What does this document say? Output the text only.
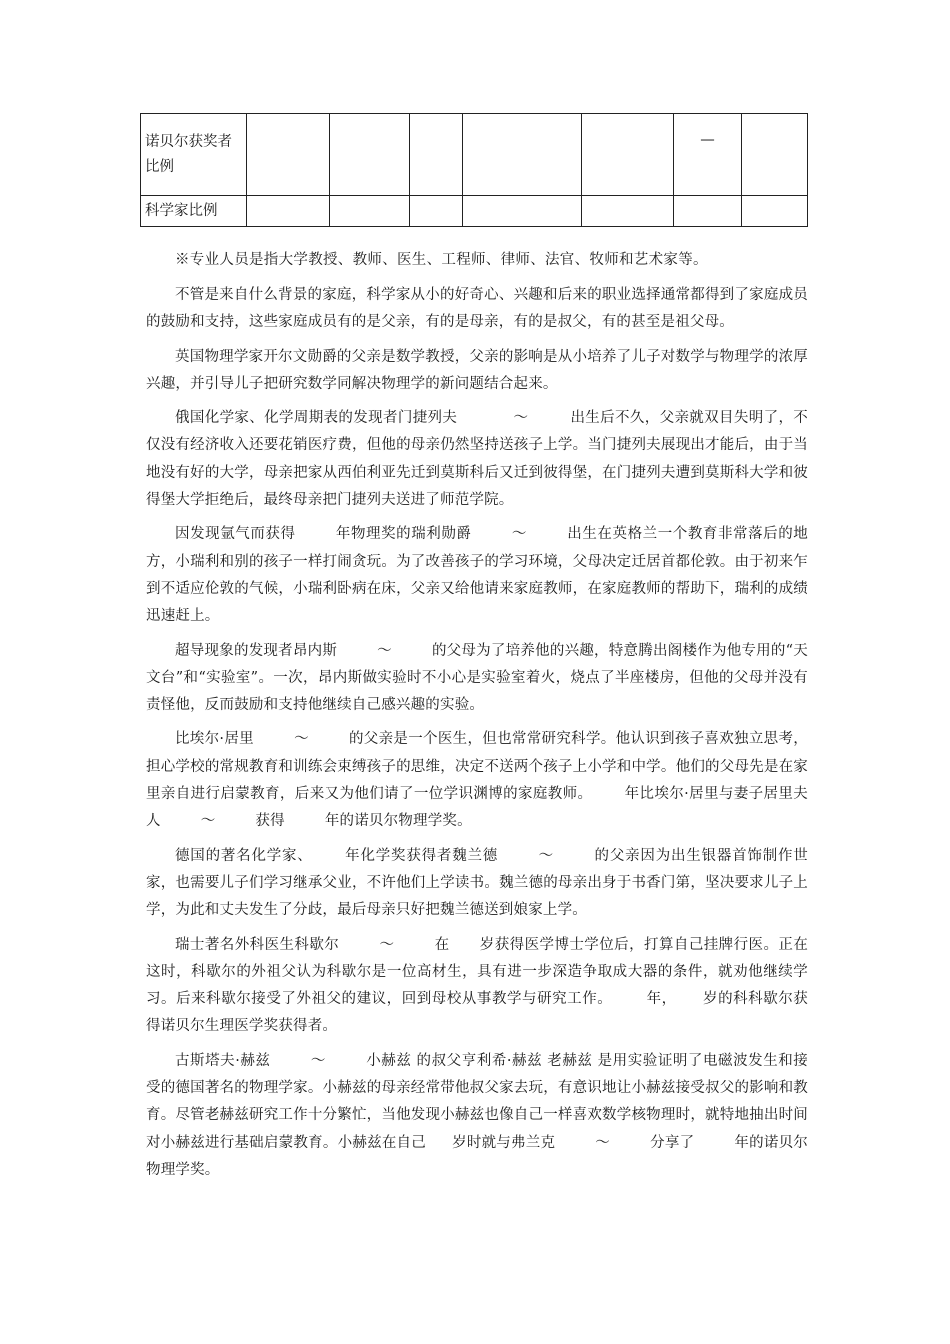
诺贝尔获奖者比例						—	
科学家比例							
※专业人员是指大学教授、教师、医生、工程师、律师、法官、牧师和艺术家等。

不管是来自什么背景的家庭，科学家从小的好奇心、兴趣和后来的职业选择通常都得到了家庭成员的鼓励和支持，这些家庭成员有的是父亲，有的是母亲，有的是叔父，有的甚至是祖父母。

英国物理学家开尔文勋爵的父亲是数学教授，父亲的影响是从小培养了儿子对数学与物理学的浓厚兴趣，并引导儿子把研究数学同解决物理学的新问题结合起来。

俄国化学家、化学周期表的发现者门捷列夫	～	出生后不久，父亲就双目失明了，不仅没有经济收入还要花销医疗费，但他的母亲仍然坚持送孩子上学。当门捷列夫展现出才能后，由于当地没有好的大学，母亲把家从西伯利亚先迁到莫斯科后又迁到彼得堡，在门捷列夫遭到莫斯科大学和彼得堡大学拒绝后，最终母亲把门捷列夫送进了师范学院。

因发现氩气而获得	年物理奖的瑞利勋爵	～	出生在英格兰一个教育非常落后的地方，小瑞利和别的孩子一样打闹贪玩。为了改善孩子的学习环境，父母决定迁居首都伦敦。由于初来乍到不适应伦敦的气候，小瑞利卧病在床，父亲又给他请来家庭教师，在家庭教师的帮助下，瑞利的成绩迅速赶上。

超导现象的发现者昂内斯	～	的父母为了培养他的兴趣，特意腾出阁楼作为他专用的“天文台”和“实验室”。一次，昂内斯做实验时不小心是实验室着火，烧点了半座楼房，但他的父母并没有责怪他，反而鼓励和支持他继续自己感兴趣的实验。

比埃尔·居里	～	的父亲是一个医生，但也常常研究科学。他认识到孩子喜欢独立思考，担心学校的常规教育和训练会束缚孩子的思维，决定不送两个孩子上小学和中学。他们的父母先是在家里亲自进行启蒙教育，后来又为他们请了一位学识渊博的家庭教师。 年比埃尔·居里与妻子居里夫人	～	获得	年的诺贝尔物理学奖。

德国的著名化学家、 年化学奖获得者魏兰德	～	的父亲因为出生银器首饰制作世家，也需要儿子们学习继承父业，不许他们上学读书。魏兰德的母亲出身于书香门第，坚决要求儿子上学，为此和丈夫发生了分歧，最后母亲只好把魏兰德送到娘家上学。

瑞士著名外科医生科歇尔	～	在 岁获得医学博士学位后，打算自己挂牌行医。正在这时，科歇尔的外祖父认为科歇尔是一位高材生，具有进一步深造争取成大器的条件，就劝他继续学习。后来科歇尔接受了外祖父的建议，回到母校从事教学与研究工作。 年， 岁的科科歇尔获得诺贝尔生理医学奖获得者。

古斯塔夫·赫兹	～	小赫兹 的叔父亨利希·赫兹 老赫兹 是用实验证明了电磁波发生和接受的德国著名的物理学家。小赫兹的母亲经常带他叔父家去玩，有意识地让小赫兹接受叔父的影响和教育。尽管老赫兹研究工作十分繁忙，当他发现小赫兹也像自己一样喜欢数学核物理时，就特地抽出时间对小赫兹进行基础启蒙教育。小赫兹在自己 岁时就与弗兰克	～	分享了	年的诺贝尔物理学奖。
